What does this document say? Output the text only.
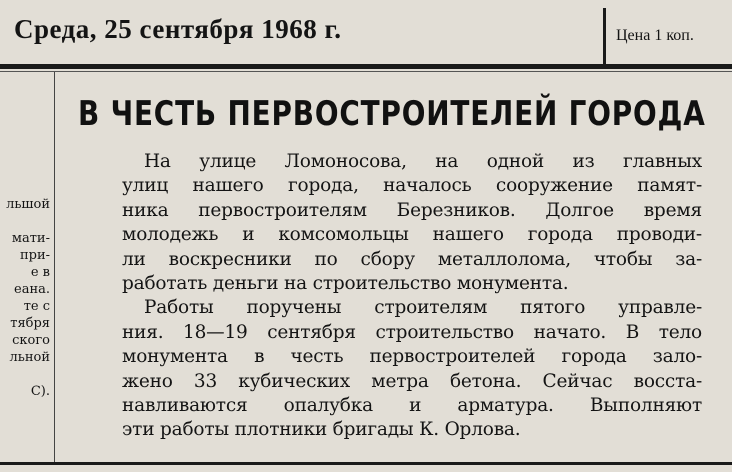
Среда, 25 сентября 1968 г.	Цена 1 коп.
льшой

мати-
при-
е в
еана.
те с
тября
ского
льной

С).
В ЧЕСТЬ ПЕРВОСТРОИТЕЛЕЙ ГОРОДА
На улице Ломоносова, на одной из главных
улиц нашего города, началось сооружение памят-
ника первостроителям Березников. Долгое время
молодежь и комсомольцы нашего города проводи-
ли воскресники по сбору металлолома, чтобы за-
работать деньги на строительство монумента.
Работы поручены строителям пятого управле-
ния. 18—19 сентября строительство начато. В тело
монумента в честь первостроителей города зало-
жено 33 кубических метра бетона. Сейчас восста-
навливаются опалубка и арматура. Выполняют
эти работы плотники бригады К. Орлова.
